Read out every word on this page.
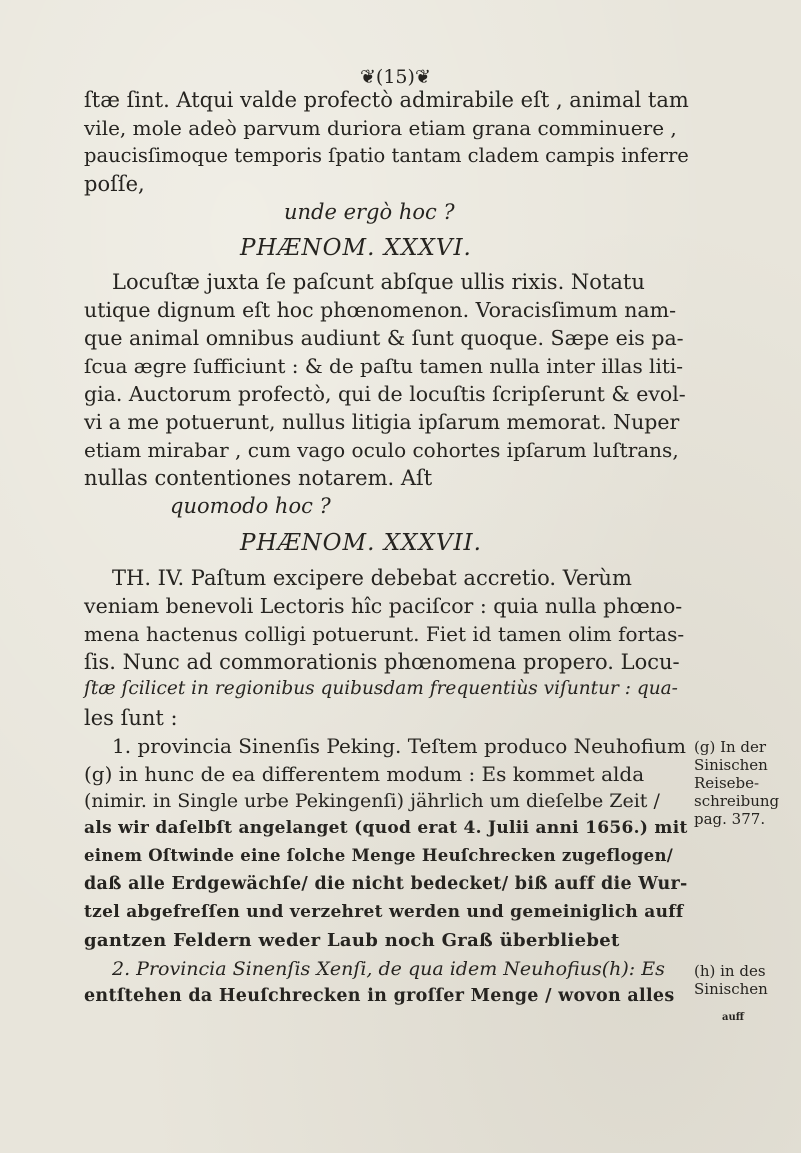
❦(15)❦
ſtæ ſint. Atqui valde profectò admirabile eſt , animal tam
vile, mole adeò parvum duriora etiam grana comminuere ,
paucisſimoque temporis ſpatio tantam cladem campis inferre
poſſe,
unde ergò hoc ?
PHÆNOM. XXXVI.
Locuſtæ juxta ſe paſcunt abſque ullis rixis. Notatu
utique dignum eſt hoc phœnomenon. Voracisſimum nam-
que animal omnibus audiunt & ſunt quoque. Sæpe eis pa-
ſcua ægre ſufficiunt : & de paſtu tamen nulla inter illas liti-
gia. Auctorum profectò, qui de locuſtis ſcripſerunt & evol-
vi a me potuerunt, nullus litigia ipſarum memorat. Nuper
etiam mirabar , cum vago oculo cohortes ipſarum luſtrans,
nullas contentiones notarem. Aſt
quomodo hoc ?
PHÆNOM. XXXVII.
TH. IV. Paſtum excipere debebat accretio. Verùm
veniam benevoli Lectoris hîc paciſcor : quia nulla phœno-
mena hactenus colligi potuerunt. Fiet id tamen olim fortas-
ſis. Nunc ad commorationis phœnomena propero. Locu-
ſtæ ſcilicet in regionibus quibusdam frequentiùs viſuntur : qua-
les ſunt :
1. provincia Sinenſis Peking. Teſtem produco Neuhofium
(g) in hunc de ea differentem modum : Es kommet alda
(nimir. in Single urbe Pekingenſi) jährlich um dieſelbe Zeit /
als wir daſelbſt angelanget (quod erat 4. Julii anni 1656.) mit
einem Oſtwinde eine ſolche Menge Heuſchrecken zugeflogen/
daß alle Erdgewächſe/ die nicht bedecket/ biß auff die Wur-
tzel abgefreſſen und verzehret werden und gemeiniglich auff
gantzen Feldern weder Laub noch Graß überbliebet
2. Provincia Sinenſis Xenſi, de qua idem Neuhofius(h): Es
entſtehen da Heuſchrecken in groſſer Menge / wovon alles
auff
(g) In der
Sinischen
Reisebe-
schreibung
pag. 377.
(h) in des
Sinischen
